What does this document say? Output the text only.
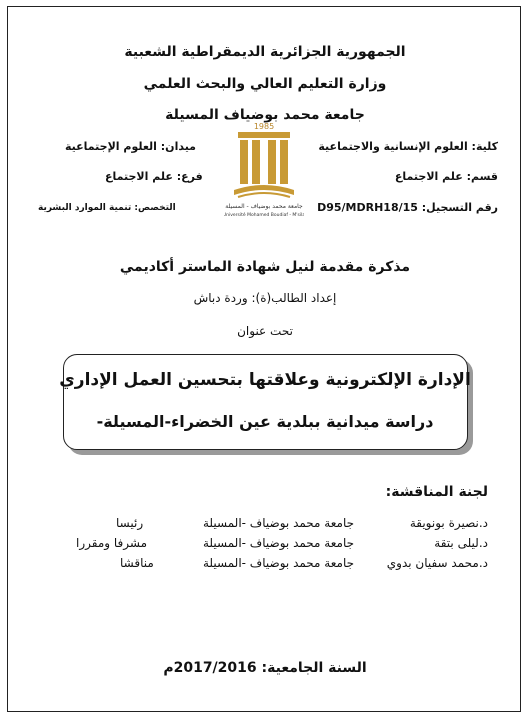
الجمهورية الجزائرية الديمقراطية الشعبية
وزارة التعليم العالي والبحث العلمي
جامعة محمد بوضياف المسيلة
1985
جامعة محمد بوضياف - المسيلة
Université Mohamed Boudiaf - M'sila
كلية: العلوم الإنسانية والاجتماعية
ميدان: العلوم الإجتماعية
قسم: علم الاجتماع
فرع: علم الاجتماع
رقم التسجيل: 15/D95/MDRH18
التخصص: تنمية الموارد البشرية
مذكرة مقدمة لنيل شهادة الماستر أكاديمي
إعداد الطالب(ة): وردة دباش
تحت عنوان
الإدارة الإلكترونية وعلاقتها بتحسين العمل الإداري
دراسة ميدانية ببلدية عين الخضراء-المسيلة-
لجنة المناقشة:
د.نصيرة بونويقة
جامعة محمد بوضياف -المسيلة
رئيسا
د.ليلى بتقة
جامعة محمد بوضياف -المسيلة
مشرفا ومقررا
د.محمد سفيان بدوي
جامعة محمد بوضياف -المسيلة
مناقشا
السنة الجامعية: 2017/2016م
